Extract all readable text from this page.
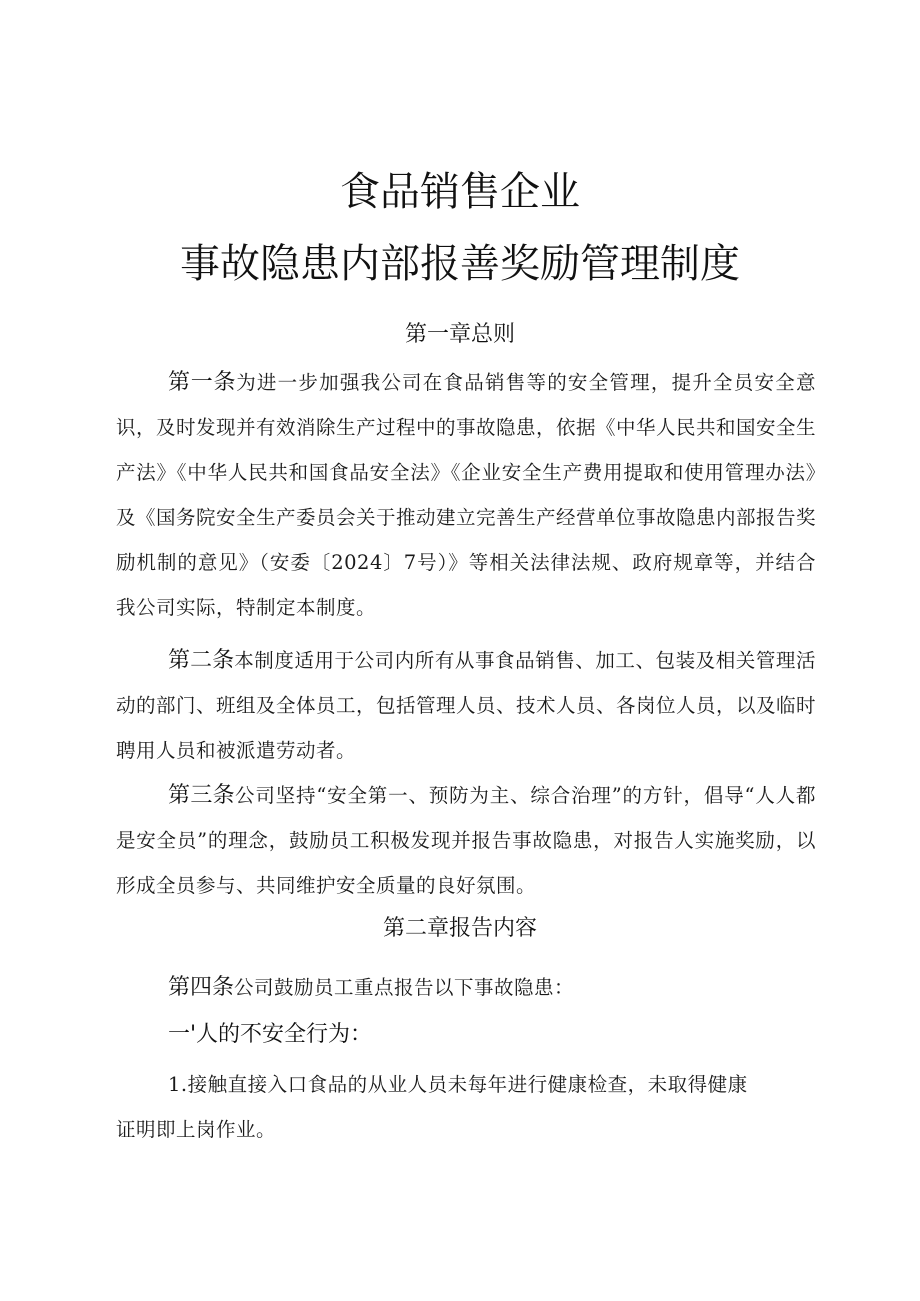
食品销售企业
事故隐患内部报善奖励管理制度
第一章总则

第一条为进一步加强我公司在食品销售等的安全管理，提升全员安全意识，及时发现并有效消除生产过程中的事故隐患，依据《中华人民共和国安全生产法》《中华人民共和国食品安全法》《企业安全生产费用提取和使用管理办法》及《国务院安全生产委员会关于推动建立完善生产经营单位事故隐患内部报告奖励机制的意见》（安委〔2024〕7号）》等相关法律法规、政府规章等，并结合我公司实际，特制定本制度。

第二条本制度适用于公司内所有从事食品销售、加工、包装及相关管理活动的部门、班组及全体员工，包括管理人员、技术人员、各岗位人员，以及临时聘用人员和被派遣劳动者。

第三条公司坚持“安全第一、预防为主、综合治理”的方针，倡导“人人都是安全员”的理念，鼓励员工积极发现并报告事故隐患，对报告人实施奖励，以形成全员参与、共同维护安全质量的良好氛围。

第二章报告内容

第四条公司鼓励员工重点报告以下事故隐患：

一'人的不安全行为：

1.接触直接入口食品的从业人员未每年进行健康检查，未取得健康证明即上岗作业。
